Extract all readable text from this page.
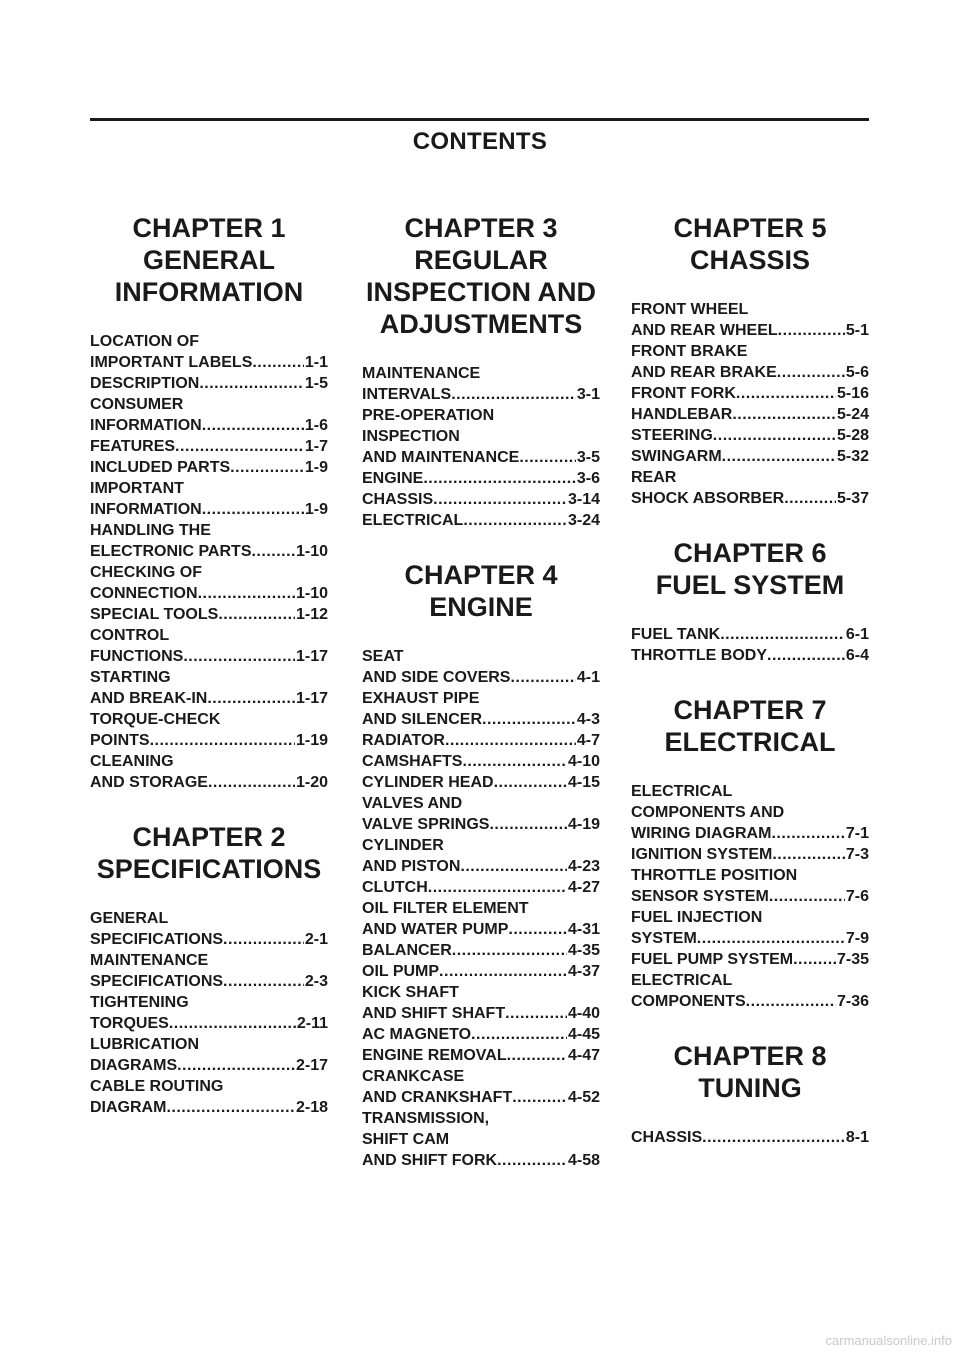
CONTENTS
CHAPTER 1
GENERAL
INFORMATION
LOCATION OF
IMPORTANT LABELS .....	1-1
DESCRIPTION .....	1-5
CONSUMER
INFORMATION .....	1-6
FEATURES .....	1-7
INCLUDED PARTS .....	1-9
IMPORTANT
INFORMATION .....	1-9
HANDLING THE
ELECTRONIC PARTS .....	1-10
CHECKING OF
CONNECTION .....	1-10
SPECIAL TOOLS .....	1-12
CONTROL
FUNCTIONS .....	1-17
STARTING
AND BREAK-IN .....	1-17
TORQUE-CHECK
POINTS .....	1-19
CLEANING
AND STORAGE .....	1-20
CHAPTER 2
SPECIFICATIONS
GENERAL
SPECIFICATIONS .....	2-1
MAINTENANCE
SPECIFICATIONS .....	2-3
TIGHTENING
TORQUES .....	2-11
LUBRICATION
DIAGRAMS .....	2-17
CABLE ROUTING
DIAGRAM .....	2-18
CHAPTER 3
REGULAR
INSPECTION AND
ADJUSTMENTS
MAINTENANCE
INTERVALS .....	3-1
PRE-OPERATION
INSPECTION
AND MAINTENANCE .....	3-5
ENGINE .....	3-6
CHASSIS .....	3-14
ELECTRICAL .....	3-24
CHAPTER 4
ENGINE
SEAT
AND SIDE COVERS .....	4-1
EXHAUST PIPE
AND SILENCER .....	4-3
RADIATOR .....	4-7
CAMSHAFTS .....	4-10
CYLINDER HEAD .....	4-15
VALVES AND
VALVE SPRINGS .....	4-19
CYLINDER
AND PISTON .....	4-23
CLUTCH .....	4-27
OIL FILTER ELEMENT
AND WATER PUMP .....	4-31
BALANCER .....	4-35
OIL PUMP .....	4-37
KICK SHAFT
AND SHIFT SHAFT .....	4-40
AC MAGNETO .....	4-45
ENGINE REMOVAL .....	4-47
CRANKCASE
AND CRANKSHAFT .....	4-52
TRANSMISSION,
SHIFT CAM
AND SHIFT FORK .....	4-58
CHAPTER 5
CHASSIS
FRONT WHEEL
AND REAR WHEEL .....	5-1
FRONT BRAKE
AND REAR BRAKE .....	5-6
FRONT FORK .....	5-16
HANDLEBAR .....	5-24
STEERING .....	5-28
SWINGARM .....	5-32
REAR
SHOCK ABSORBER .....	5-37
CHAPTER 6
FUEL SYSTEM
FUEL TANK .....	6-1
THROTTLE BODY .....	6-4
CHAPTER 7
ELECTRICAL
ELECTRICAL
COMPONENTS AND
WIRING DIAGRAM .....	7-1
IGNITION SYSTEM .....	7-3
THROTTLE POSITION
SENSOR SYSTEM .....	7-6
FUEL INJECTION
SYSTEM .....	7-9
FUEL PUMP SYSTEM .....	7-35
ELECTRICAL
COMPONENTS .....	7-36
CHAPTER 8
TUNING
CHASSIS .....	8-1
carmanualsonline.info
